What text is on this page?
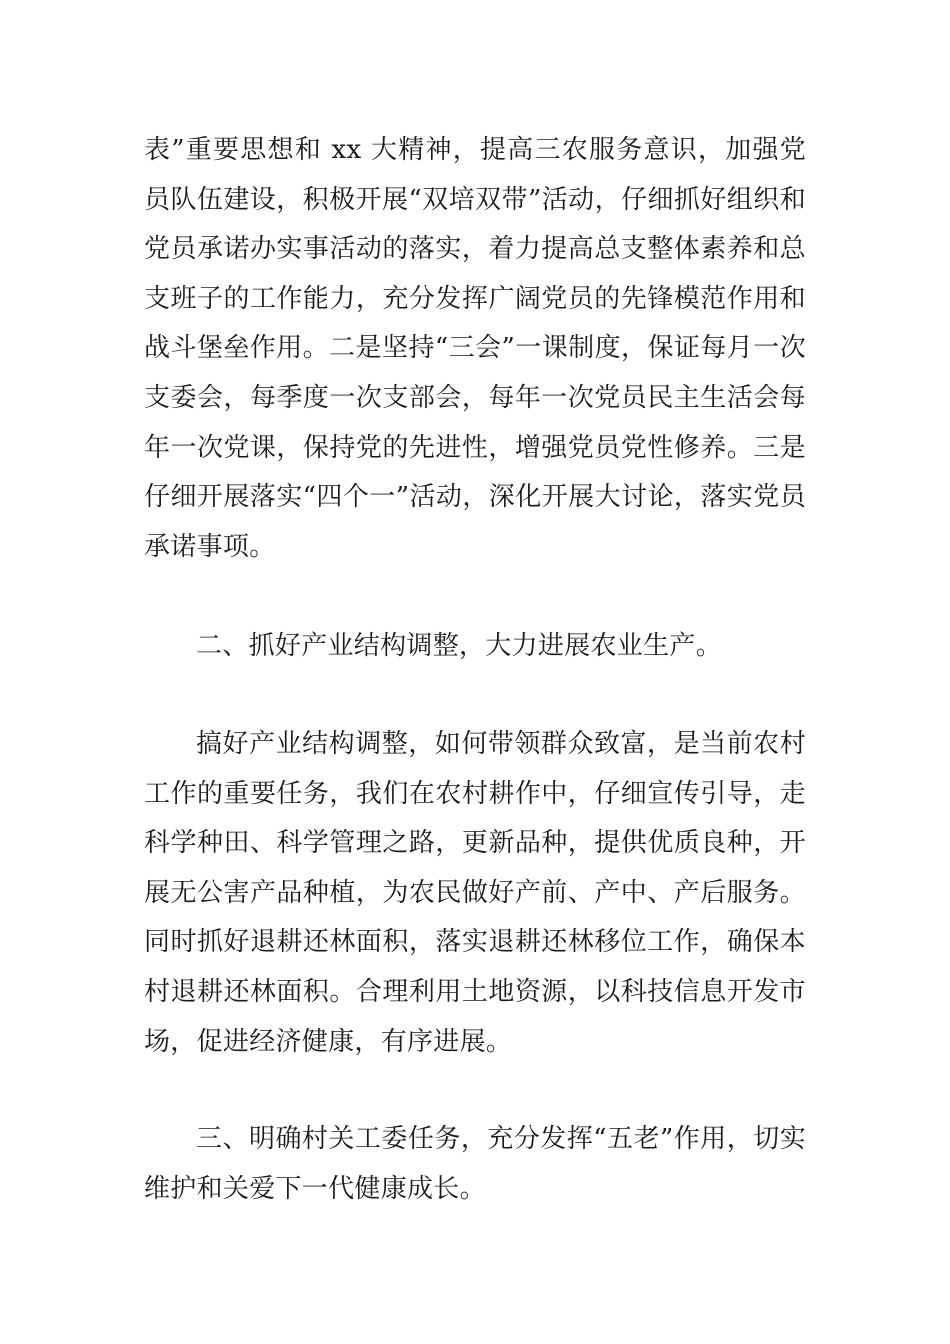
表”重要思想和 xx 大精神，提高三农服务意识，加强党员队伍建设，积极开展“双培双带”活动，仔细抓好组织和党员承诺办实事活动的落实，着力提高总支整体素养和总支班子的工作能力，充分发挥广阔党员的先锋模范作用和战斗堡垒作用。二是坚持“三会”一课制度，保证每月一次支委会，每季度一次支部会，每年一次党员民主生活会每年一次党课，保持党的先进性，增强党员党性修养。三是仔细开展落实“四个一”活动，深化开展大讨论，落实党员承诺事项。

二、抓好产业结构调整，大力进展农业生产。

搞好产业结构调整，如何带领群众致富，是当前农村工作的重要任务，我们在农村耕作中，仔细宣传引导，走科学种田、科学管理之路，更新品种，提供优质良种，开展无公害产品种植，为农民做好产前、产中、产后服务。同时抓好退耕还林面积，落实退耕还林移位工作，确保本村退耕还林面积。合理利用土地资源，以科技信息开发市场，促进经济健康，有序进展。

三、明确村关工委任务，充分发挥“五老”作用，切实维护和关爱下一代健康成长。
